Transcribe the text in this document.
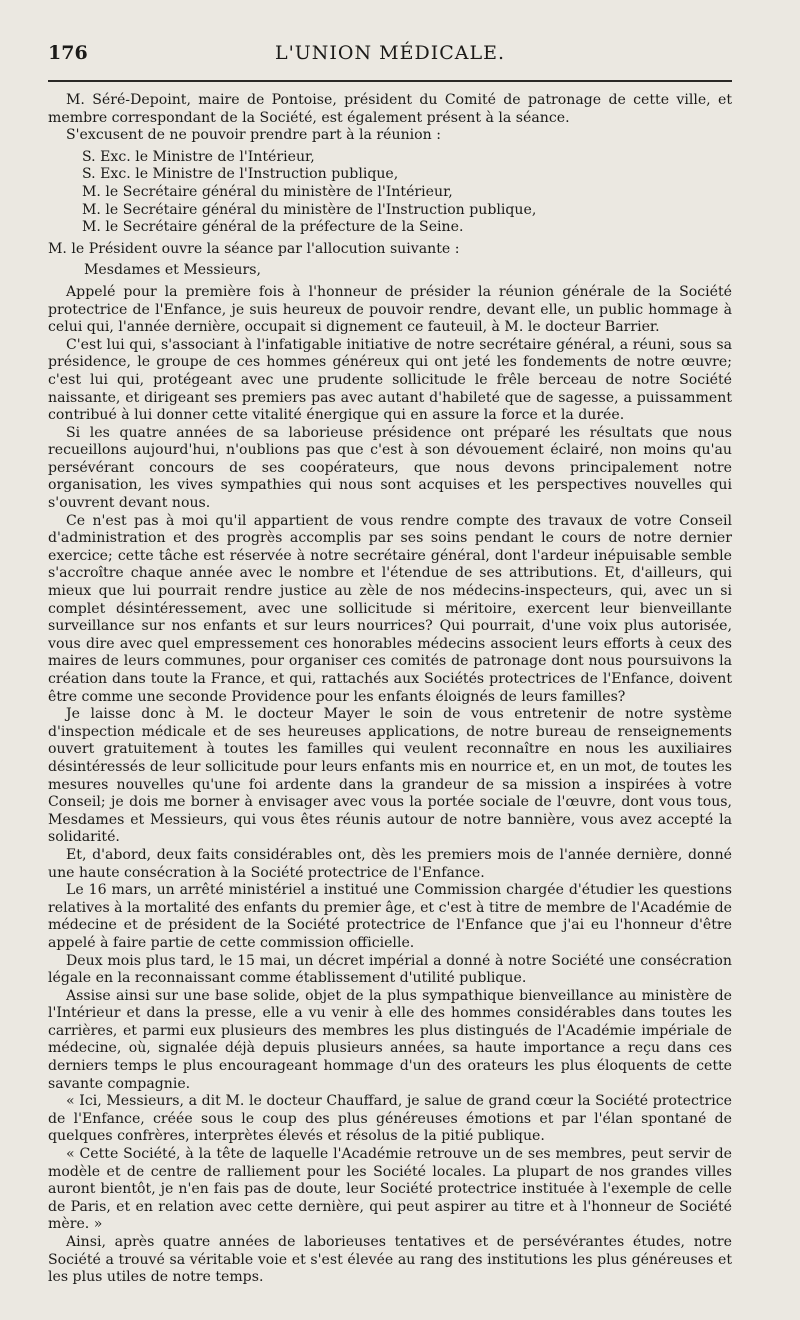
176	L'UNION MÉDICALE.

M. Séré-Depoint, maire de Pontoise, président du Comité de patronage de cette ville, et membre correspondant de la Société, est également présent à la séance.

S'excusent de ne pouvoir prendre part à la réunion :

S. Exc. le Ministre de l'Intérieur,
S. Exc. le Ministre de l'Instruction publique,
M. le Secrétaire général du ministère de l'Intérieur,
M. le Secrétaire général du ministère de l'Instruction publique,
M. le Secrétaire général de la préfecture de la Seine.

M. le Président ouvre la séance par l'allocution suivante :

Mesdames et Messieurs,

Appelé pour la première fois à l'honneur de présider la réunion générale de la Société protectrice de l'Enfance, je suis heureux de pouvoir rendre, devant elle, un public hommage à celui qui, l'année dernière, occupait si dignement ce fauteuil, à M. le docteur Barrier.

C'est lui qui, s'associant à l'infatigable initiative de notre secrétaire général, a réuni, sous sa présidence, le groupe de ces hommes généreux qui ont jeté les fondements de notre œuvre; c'est lui qui, protégeant avec une prudente sollicitude le frêle berceau de notre Société naissante, et dirigeant ses premiers pas avec autant d'habileté que de sagesse, a puissamment contribué à lui donner cette vitalité énergique qui en assure la force et la durée.

Si les quatre années de sa laborieuse présidence ont préparé les résultats que nous recueillons aujourd'hui, n'oublions pas que c'est à son dévouement éclairé, non moins qu'au persévérant concours de ses coopérateurs, que nous devons principalement notre organisation, les vives sympathies qui nous sont acquises et les perspectives nouvelles qui s'ouvrent devant nous.

Ce n'est pas à moi qu'il appartient de vous rendre compte des travaux de votre Conseil d'administration et des progrès accomplis par ses soins pendant le cours de notre dernier exercice; cette tâche est réservée à notre secrétaire général, dont l'ardeur inépuisable semble s'accroître chaque année avec le nombre et l'étendue de ses attributions. Et, d'ailleurs, qui mieux que lui pourrait rendre justice au zèle de nos médecins-inspecteurs, qui, avec un si complet désintéressement, avec une sollicitude si méritoire, exercent leur bienveillante surveillance sur nos enfants et sur leurs nourrices? Qui pourrait, d'une voix plus autorisée, vous dire avec quel empressement ces honorables médecins associent leurs efforts à ceux des maires de leurs communes, pour organiser ces comités de patronage dont nous poursuivons la création dans toute la France, et qui, rattachés aux Sociétés protectrices de l'Enfance, doivent être comme une seconde Providence pour les enfants éloignés de leurs familles?

Je laisse donc à M. le docteur Mayer le soin de vous entretenir de notre système d'inspection médicale et de ses heureuses applications, de notre bureau de renseignements ouvert gratuitement à toutes les familles qui veulent reconnaître en nous les auxiliaires désintéressés de leur sollicitude pour leurs enfants mis en nourrice et, en un mot, de toutes les mesures nouvelles qu'une foi ardente dans la grandeur de sa mission a inspirées à votre Conseil; je dois me borner à envisager avec vous la portée sociale de l'œuvre, dont vous tous, Mesdames et Messieurs, qui vous êtes réunis autour de notre bannière, vous avez accepté la solidarité.

Et, d'abord, deux faits considérables ont, dès les premiers mois de l'année dernière, donné une haute consécration à la Société protectrice de l'Enfance.

Le 16 mars, un arrêté ministériel a institué une Commission chargée d'étudier les questions relatives à la mortalité des enfants du premier âge, et c'est à titre de membre de l'Académie de médecine et de président de la Société protectrice de l'Enfance que j'ai eu l'honneur d'être appelé à faire partie de cette commission officielle.

Deux mois plus tard, le 15 mai, un décret impérial a donné à notre Société une consécration légale en la reconnaissant comme établissement d'utilité publique.

Assise ainsi sur une base solide, objet de la plus sympathique bienveillance au ministère de l'Intérieur et dans la presse, elle a vu venir à elle des hommes considérables dans toutes les carrières, et parmi eux plusieurs des membres les plus distingués de l'Académie impériale de médecine, où, signalée déjà depuis plusieurs années, sa haute importance a reçu dans ces derniers temps le plus encourageant hommage d'un des orateurs les plus éloquents de cette savante compagnie.

« Ici, Messieurs, a dit M. le docteur Chauffard, je salue de grand cœur la Société protectrice de l'Enfance, créée sous le coup des plus généreuses émotions et par l'élan spontané de quelques confrères, interprètes élevés et résolus de la pitié publique.

« Cette Société, à la tête de laquelle l'Académie retrouve un de ses membres, peut servir de modèle et de centre de ralliement pour les Société locales. La plupart de nos grandes villes auront bientôt, je n'en fais pas de doute, leur Société protectrice instituée à l'exemple de celle de Paris, et en relation avec cette dernière, qui peut aspirer au titre et à l'honneur de Société mère. »

Ainsi, après quatre années de laborieuses tentatives et de persévérantes études, notre Société a trouvé sa véritable voie et s'est élevée au rang des institutions les plus généreuses et les plus utiles de notre temps.
